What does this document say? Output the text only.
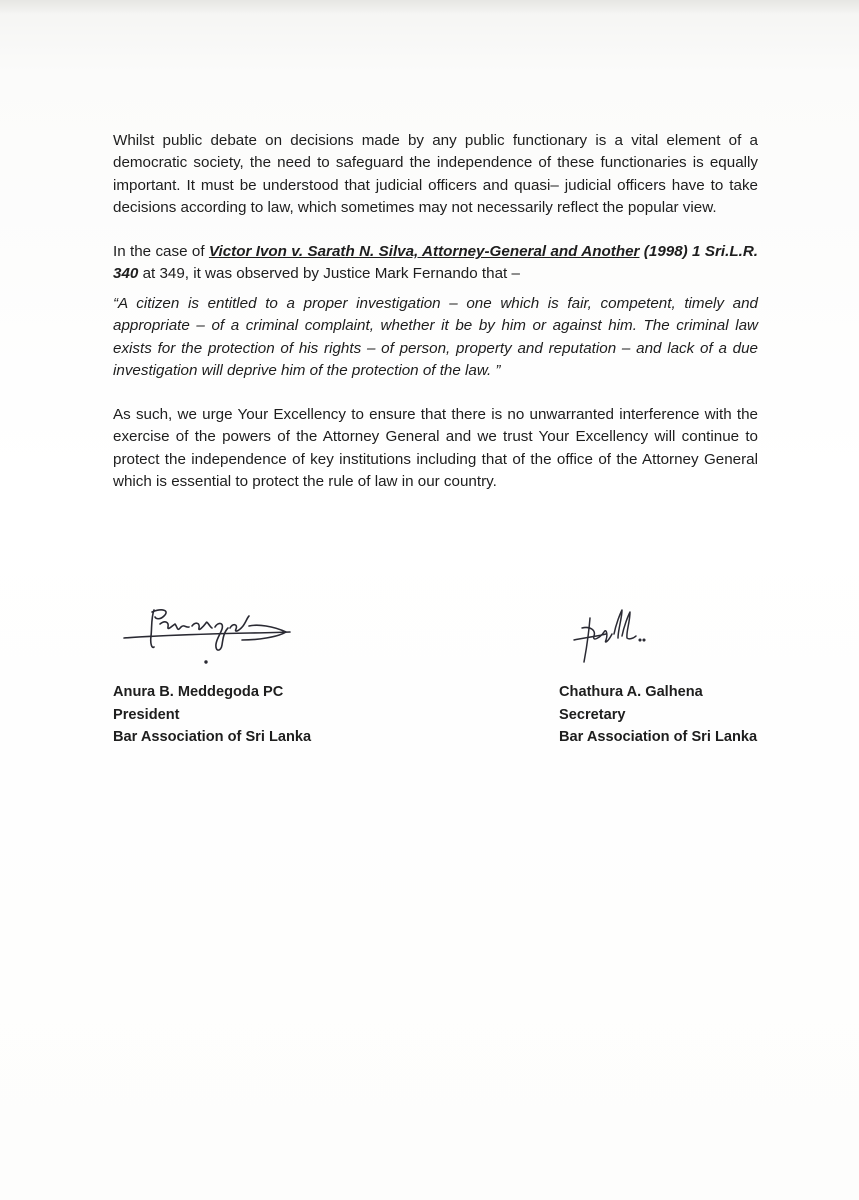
Whilst public debate on decisions made by any public functionary is a vital element of a democratic society, the need to safeguard the independence of these functionaries is equally important. It must be understood that judicial officers and quasi– judicial officers have to take decisions according to law, which sometimes may not necessarily reflect the popular view.

In the case of Victor Ivon v. Sarath N. Silva, Attorney-General and Another (1998) 1 Sri.L.R. 340 at 349, it was observed by Justice Mark Fernando that –

“A citizen is entitled to a proper investigation – one which is fair, competent, timely and appropriate – of a criminal complaint, whether it be by him or against him. The criminal law exists for the protection of his rights – of person, property and reputation – and lack of a due investigation will deprive him of the protection of the law. ”

As such, we urge Your Excellency to ensure that there is no unwarranted interference with the exercise of the powers of the Attorney General and we trust Your Excellency will continue to protect the independence of key institutions including that of the office of the Attorney General which is essential to protect the rule of law in our country.

Anura B. Meddegoda PC
President
Bar Association of Sri Lanka
Chathura A. Galhena
Secretary
Bar Association of Sri Lanka
